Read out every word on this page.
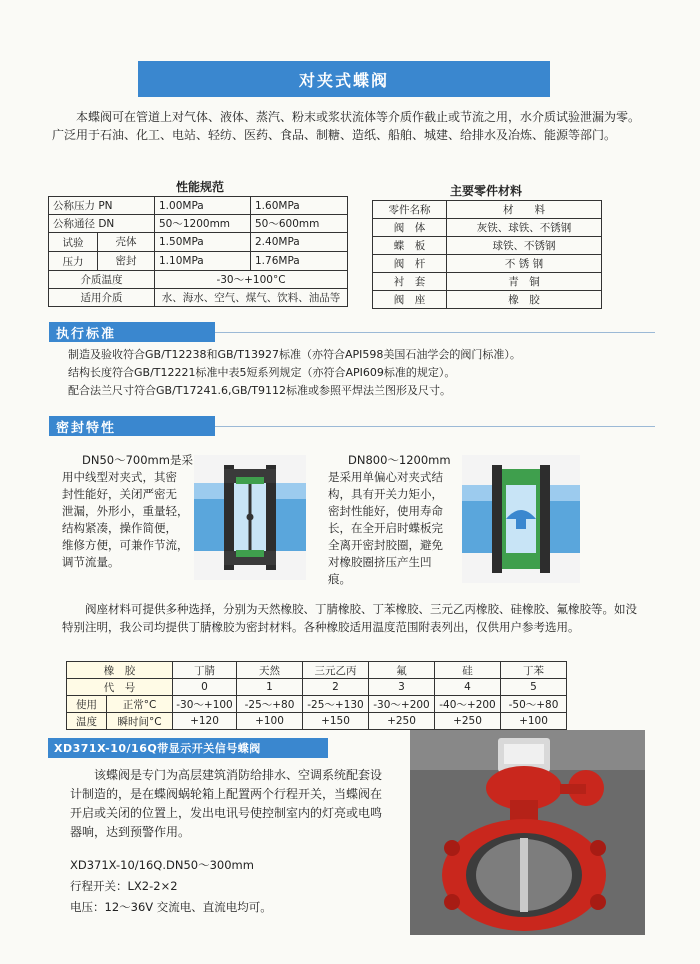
对夹式蝶阀

本蝶阀可在管道上对气体、液体、蒸汽、粉末或浆状流体等介质作截止或节流之用，水介质试验泄漏为零。广泛用于石油、化工、电站、轻纺、医药、食品、制糖、造纸、船舶、城建、给排水及冶炼、能源等部门。

性能规范
公称压力 PN	1.00MPa	1.60MPa
公称通径 DN	50～1200mm	50～600mm

试验 壳体	1.50MPa	2.40MPa

压力 密封	1.10MPa	1.76MPa
介质温度	-30～+100°C	
适用介质	水、海水、空气、煤气、饮料、油品等	
主要零件材料
零件名称	材　　料
阀　体	灰铁、球铁、不锈钢
蝶　板	球铁、不锈钢
阀　杆	不 锈 钢
衬　套	青　铜
阀　座	橡　胶
执行标准
制造及验收符合GB/T12238和GB/T13927标准（亦符合API598美国石油学会的阀门标准）。
结构长度符合GB/T12221标准中表5短系列规定（亦符合API609标准的规定）。
配合法兰尺寸符合GB/T17241.6,GB/T9112标准或参照平焊法兰图形及尺寸。
密封特性
DN50～700mm是采
用中线型对夹式，其密
封性能好，关闭严密无
泄漏，外形小，重量轻，
结构紧凑，操作简便，
维修方便，可兼作节流，
调节流量。
DN800～1200mm
是采用单偏心对夹式结
构，具有开关力矩小，
密封性能好，使用寿命
长，在全开启时蝶板完
全离开密封胶圈，避免
对橡胶圈挤压产生凹
痕。

阀座材料可提供多种选择，分别为天然橡胶、丁腈橡胶、丁苯橡胶、三元乙丙橡胶、硅橡胶、氟橡胶等。如没特别注明，我公司均提供丁腈橡胶为密封材料。各种橡胶适用温度范围附表列出，仅供用户参考选用。

橡　胶		丁腈	天然	三元乙丙	氟	硅	丁苯
代　号		0	1	2	3	4	5
使用	正常°C	-30～+100	-25～+80	-25～+130	-30～+200	-40～+200	-50～+80
温度	瞬时间°C	+120	+100	+150	+250	+250	+100
XD371X-10/16Q带显示开关信号蝶阀

该蝶阀是专门为高层建筑消防给排水、空调系统配套设计制造的，是在蝶阀蜗轮箱上配置两个行程开关，当蝶阀在开启或关闭的位置上，发出电讯号使控制室内的灯亮或电鸣器响，达到预警作用。

XD371X-10/16Q.DN50～300mm
行程开关：LX2-2×2
电压：12～36V 交流电、直流电均可。
